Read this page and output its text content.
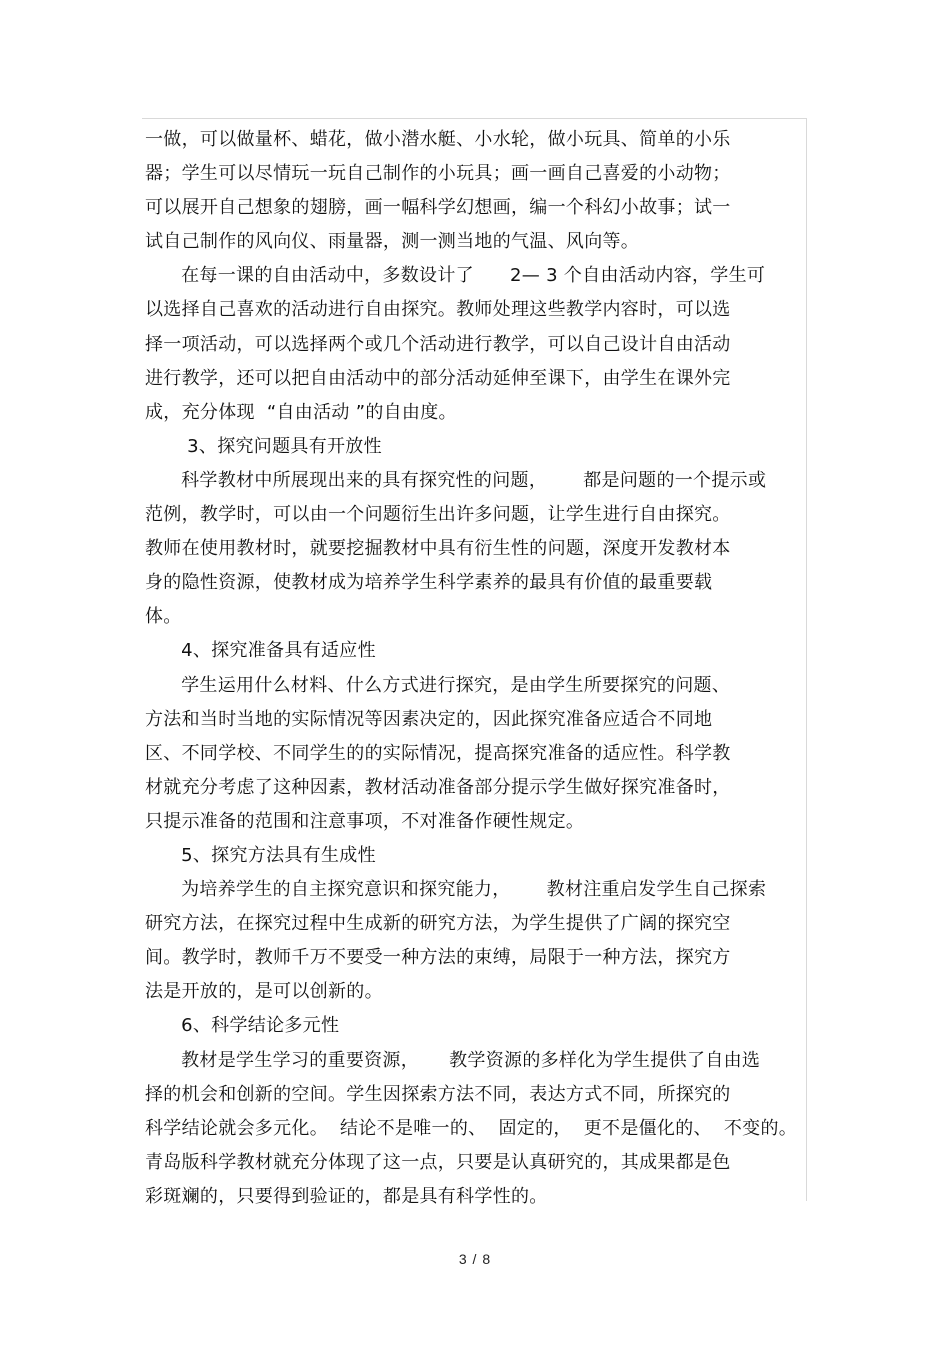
一做，可以做量杯、蜡花，做小潜水艇、小水轮，做小玩具、简单的小乐
器；学生可以尽情玩一玩自己制作的小玩具；画一画自己喜爱的小动物；
可以展开自己想象的翅膀，画一幅科学幻想画，编一个科幻小故事；试一
试自己制作的风向仪、雨量器，测一测当地的气温、风向等。
在每一课的自由活动中，多数设计了      2— 3 个自由活动内容，学生可
以选择自己喜欢的活动进行自由探究。教师处理这些教学内容时，可以选
择一项活动，可以选择两个或几个活动进行教学，可以自己设计自由活动
进行教学，还可以把自由活动中的部分活动延伸至课下，由学生在课外完
成，充分体现  “自由活动 ”的自由度。
3、探究问题具有开放性
科学教材中所展现出来的具有探究性的问题，      都是问题的一个提示或
范例，教学时，可以由一个问题衍生出许多问题，让学生进行自由探究。
教师在使用教材时，就要挖掘教材中具有衍生性的问题，深度开发教材本
身的隐性资源，使教材成为培养学生科学素养的最具有价值的最重要载
体。
4、探究准备具有适应性
学生运用什么材料、什么方式进行探究，是由学生所要探究的问题、
方法和当时当地的实际情况等因素决定的，因此探究准备应适合不同地
区、不同学校、不同学生的的实际情况，提高探究准备的适应性。科学教
材就充分考虑了这种因素，教材活动准备部分提示学生做好探究准备时，
只提示准备的范围和注意事项，不对准备作硬性规定。
5、探究方法具有生成性
为培养学生的自主探究意识和探究能力，      教材注重启发学生自己探索
研究方法，在探究过程中生成新的研究方法，为学生提供了广阔的探究空
间。教学时，教师千万不要受一种方法的束缚，局限于一种方法，探究方
法是开放的，是可以创新的。
6、科学结论多元性
教材是学生学习的重要资源，     教学资源的多样化为学生提供了自由选
择的机会和创新的空间。学生因探索方法不同，表达方式不同，所探究的
科学结论就会多元化。  结论不是唯一的、  固定的，  更不是僵化的、  不变的。
青岛版科学教材就充分体现了这一点，只要是认真研究的，其成果都是色
彩斑斓的，只要得到验证的，都是具有科学性的。
3 / 8
